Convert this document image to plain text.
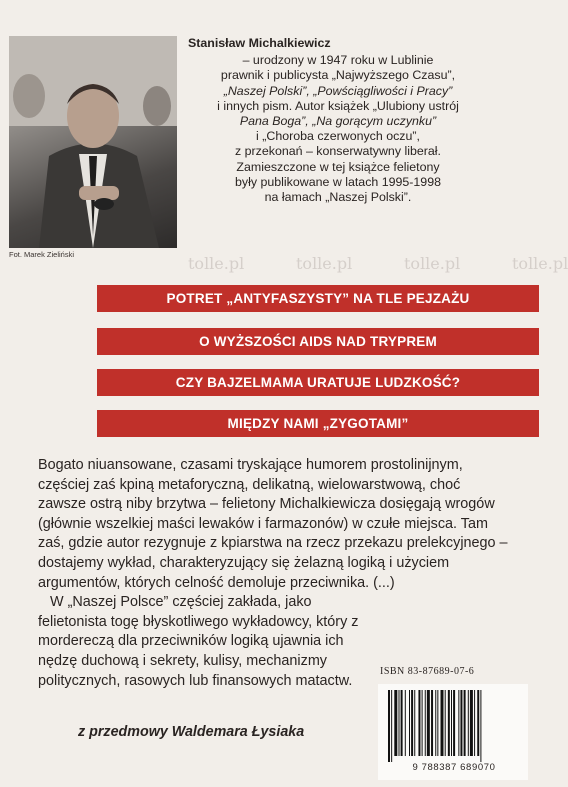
Fot. Marek Zieliński
Stanisław Michalkiewicz
– urodzony w 1947 roku w Lublinie
prawnik i publicysta „Najwyższego Czasu”,
„Naszej Polski”, „Powściągliwości i Pracy”
i innych pism. Autor książek „Ulubiony ustrój
Pana Boga”, „Na gorącym uczynku”
i „Choroba czerwonych oczu”,
z przekonań – konserwatywny liberał.
Zamieszczone w tej książce felietony
były publikowane w latach 1995-1998
na łamach „Naszej Polski”.
tolle.pl	tolle.pl	tolle.pl	tolle.pl
POTRET „ANTYFASZYSTY” NA TLE PEJZAŻU
O WYŻSZOŚCI AIDS NAD TRYPREM
CZY BAJZELMAMA URATUJE LUDZKOŚĆ?
MIĘDZY NAMI „ZYGOTAMI”

Bogato niuansowane, czasami tryskające humorem prostolinijnym, częściej zaś kpiną metaforyczną, delikatną, wielowarstwową, choć zawsze ostrą niby brzytwa – felietony Michalkiewicza dosięgają wrogów (głównie wszelkiej maści lewaków i farmazonów) w czułe miejsca. Tam zaś, gdzie autor rezygnuje z kpiarstwa na rzecz przekazu prelekcyjnego – dostajemy wykład, charakteryzujący się żelazną logiką i użyciem argumentów, których celność demoluje przeciwnika. (...)

W „Naszej Polsce” częściej zakłada, jako felietonista togę błyskotliwego wykładowcy, który z mordereczą dla przeciwników logiką ujawnia ich nędzę duchową i sekrety, kulisy, mechanizmy politycznych, rasowych lub finansowych matactw.

ISBN 83-87689-07-6
z przedmowy Waldemara Łysiaka
9 788387 689070
